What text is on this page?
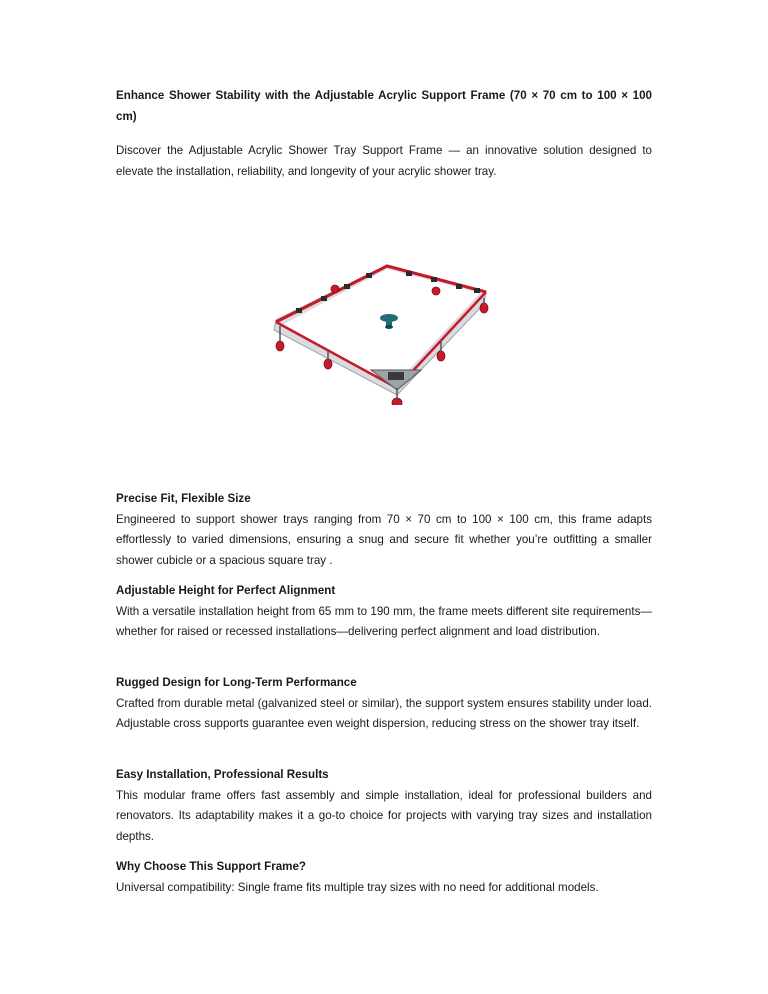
Enhance Shower Stability with the Adjustable Acrylic Support Frame (70 × 70 cm to 100 × 100 cm)
Discover the Adjustable Acrylic Shower Tray Support Frame — an innovative solution designed to elevate the installation, reliability, and longevity of your acrylic shower tray.
Precise Fit, Flexible Size

Engineered to support shower trays ranging from 70 × 70 cm to 100 × 100 cm, this frame adapts effortlessly to varied dimensions, ensuring a snug and secure fit whether you’re outfitting a smaller shower cubicle or a spacious square tray .

Adjustable Height for Perfect Alignment

With a versatile installation height from 65 mm to 190 mm, the frame meets different site requirements—whether for raised or recessed installations—delivering perfect alignment and load distribution.

Rugged Design for Long-Term Performance

Crafted from durable metal (galvanized steel or similar), the support system ensures stability under load. Adjustable cross supports guarantee even weight dispersion, reducing stress on the shower tray itself.

Easy Installation, Professional Results

This modular frame offers fast assembly and simple installation, ideal for professional builders and renovators. Its adaptability makes it a go-to choice for projects with varying tray sizes and installation depths.

Why Choose This Support Frame?

Universal compatibility: Single frame fits multiple tray sizes with no need for additional models.
